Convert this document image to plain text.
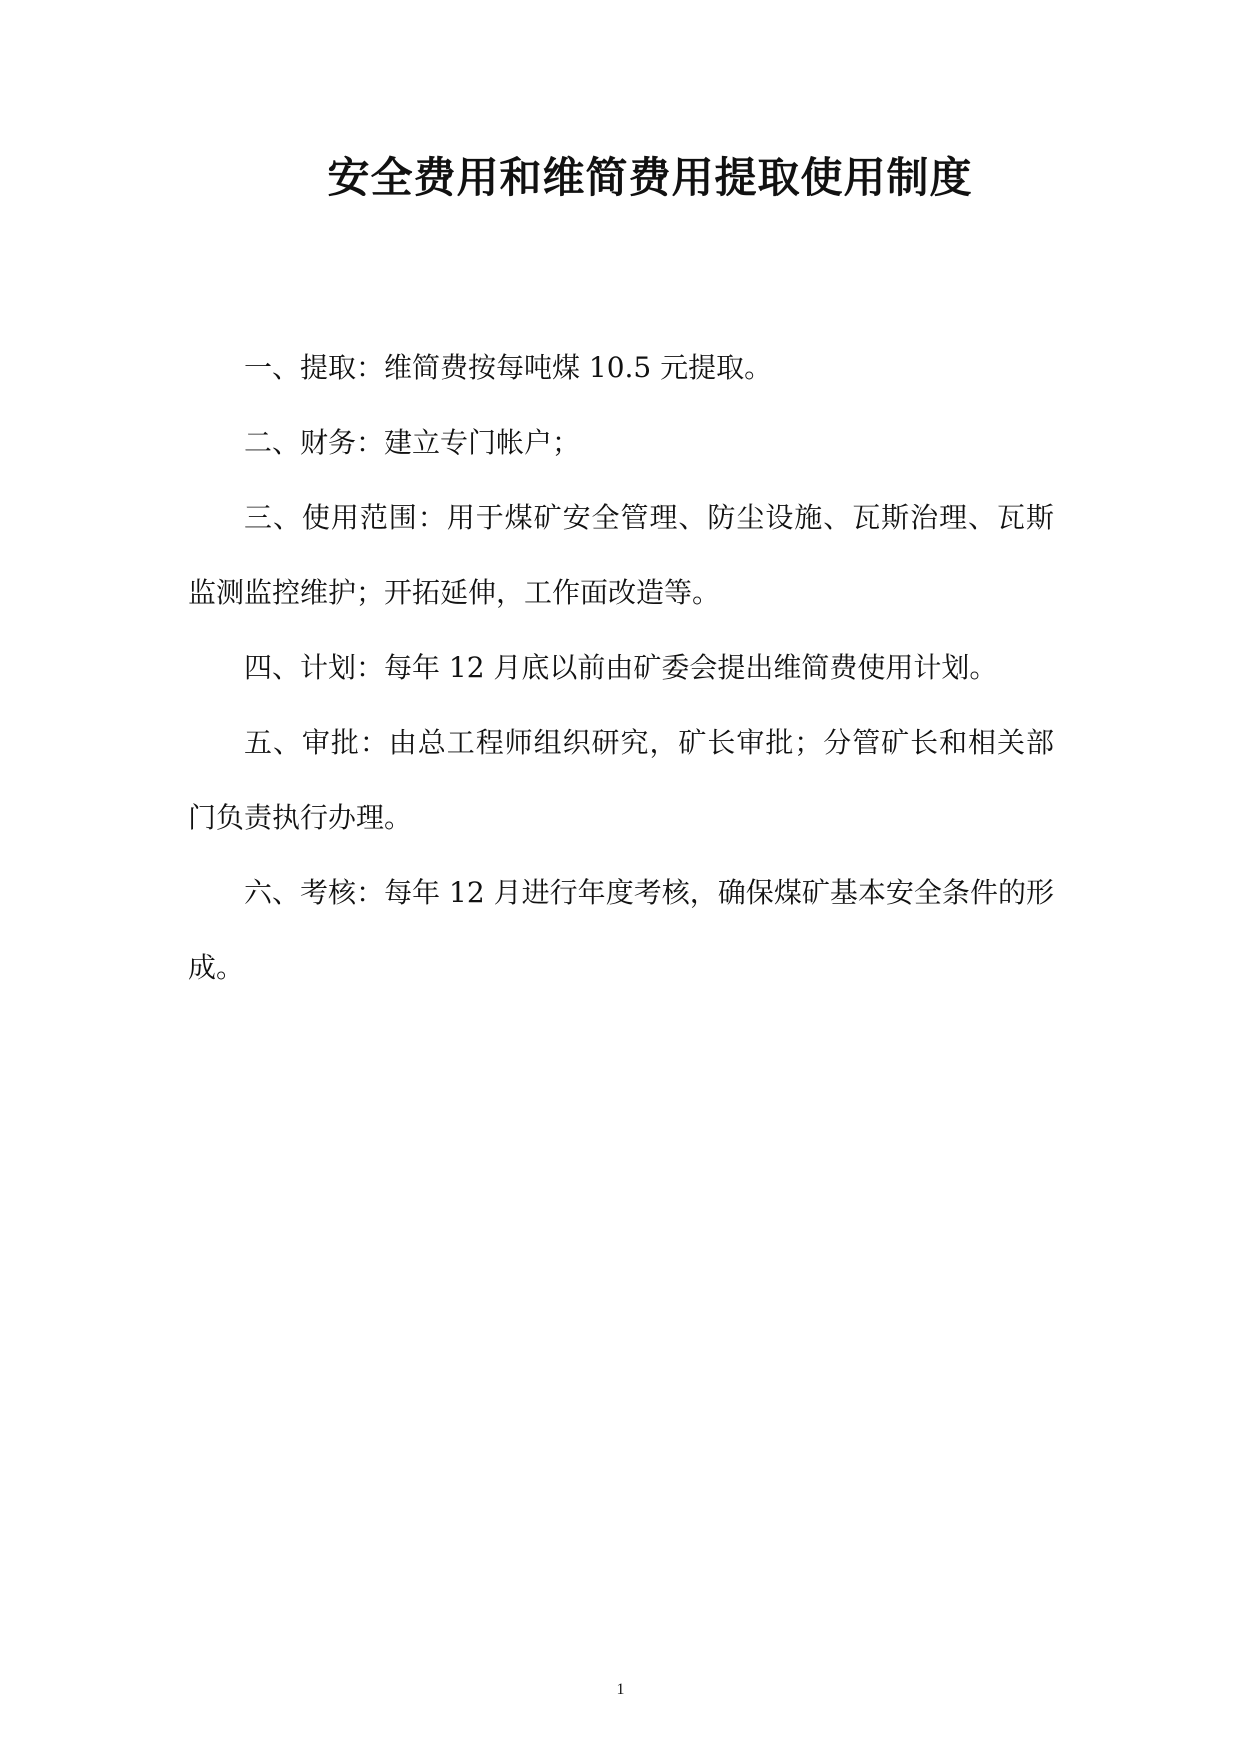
安全费用和维简费用提取使用制度

一、提取：维简费按每吨煤 10.5 元提取。

二、财务：建立专门帐户；

三、使用范围：用于煤矿安全管理、防尘设施、瓦斯治理、瓦斯监测监控维护；开拓延伸，工作面改造等。

四、计划：每年 12 月底以前由矿委会提出维简费使用计划。

五、审批：由总工程师组织研究，矿长审批；分管矿长和相关部门负责执行办理。

六、考核：每年 12 月进行年度考核，确保煤矿基本安全条件的形成。

1
